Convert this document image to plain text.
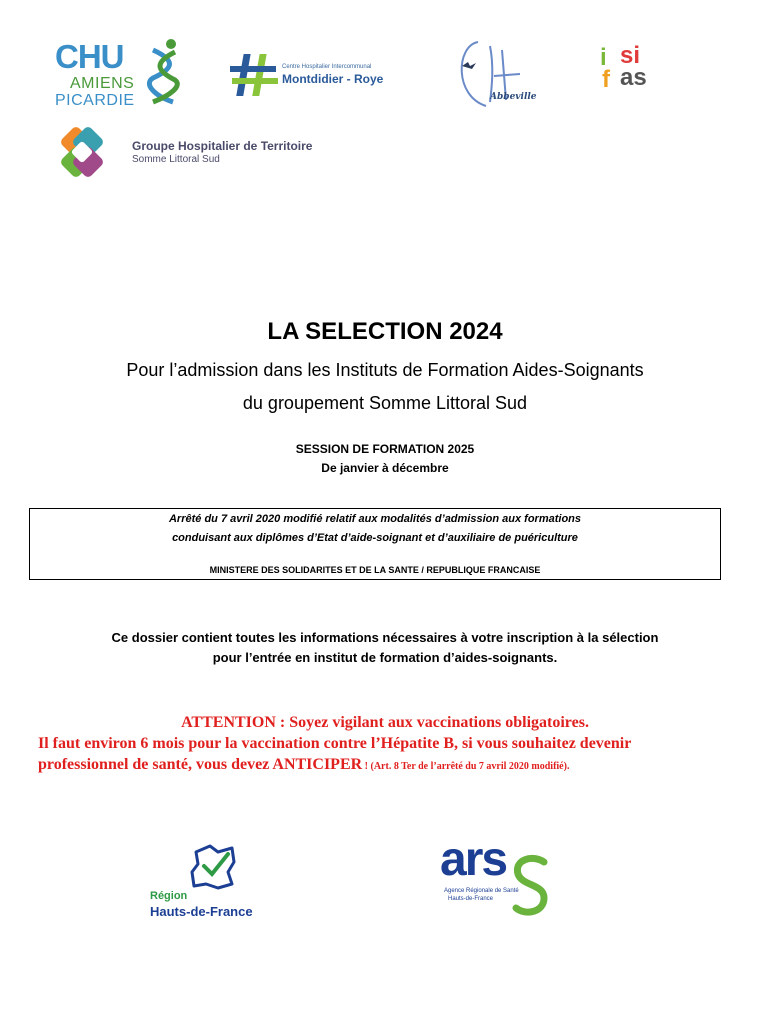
CHU
AMIENS
PICARDIE
Centre Hospitalier Intercommunal
Montdidier - Roye
Abbeville
i
f
si
as
Groupe Hospitalier de Territoire
Somme Littoral Sud
LA SELECTION 2024
Pour l’admission dans les Instituts de Formation Aides-Soignants
du groupement Somme Littoral Sud
SESSION DE FORMATION 2025
De janvier à décembre
Arrêté du 7 avril 2020 modifié relatif aux modalités d’admission aux formations
conduisant aux diplômes d’Etat d’aide-soignant et d’auxiliaire de puériculture
MINISTERE DES SOLIDARITES ET DE LA SANTE / REPUBLIQUE FRANCAISE
Ce dossier contient toutes les informations nécessaires à votre inscription à la sélection
pour l’entrée en institut de formation d’aides-soignants.
ATTENTION : Soyez vigilant aux vaccinations obligatoires.
Il faut environ 6 mois pour la vaccination contre l’Hépatite B, si vous souhaitez devenir
professionnel de santé, vous devez ANTICIPER ! (Art. 8 Ter de l’arrêté du 7 avril 2020 modifié).
Région
Hauts-de-France
ars
Agence Régionale de Santé
Hauts-de-France
